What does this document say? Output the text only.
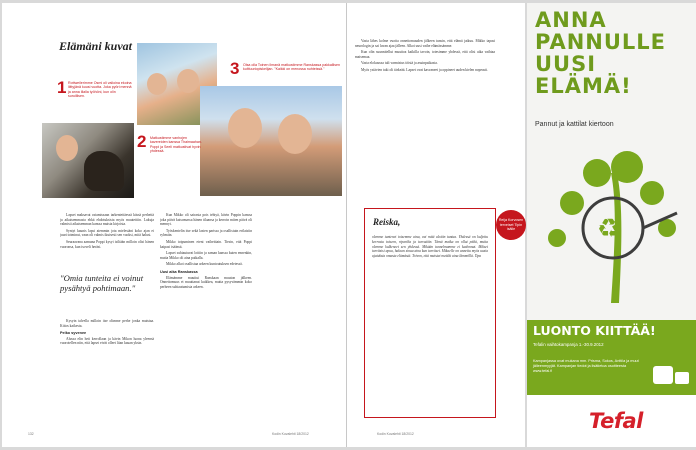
Elämäni kuvat
1 Rottweilerimme Osmi oli valioina ekoina liittyjänä kuusi vuotta. Joka pyöri mennä ja anna illalla työhöni, kun olin suruillisen.
2 Matkustimme vanhojen kavereiden kanssa Thaimaahan. Poppi ja Seeli matkustivat hyvin yhdessä.
3 Olsa olla Toinen ilmanä matkustimme Ranskassa pakkallisen kulttuuriopiskelijan. "Kaikki on menossa nuhteissä."

Lapset maksavat ostamissaan tarkentettäessä kässä perhettä ja aikaisemmasta ehkä ehdotuksista myös muutettiin. Lukuja valmisti aikaisemman kanssa muista kirjoista.

Syntyi kaunis lapsi aiemmin jota mielestäni koko ajan ei juuri toiminut, vaan oli valmis ikuisesti sen vuoksi, mitä halusi.

Seuraavana aamuna Poppi kysyi isiltään milloin olisi hänen vuoronsa, kun isoveli heräsi.

"Omia tunteita ei voinut pysähtyä pohtimaan."

Kysyin talvella milloin itse olimme perhe jonka muistaa. Kiitos kaikesta.

Pelko syvenee

Alussa elin heti kerrollaan ja kävin Mikon luona yleensä vuorotellen niin, että lapset eivät olleet liian kauan yksin.

Kun Mikko oli sairasta pois tehtyä, kävin Poppin kanssa joka päivä katsomassa hänen tilaansa ja kerroin miten päivä oli mennyt.

Työskentelin itse sekä lasten parissa ja osallistuin erilaisiin ryhmiin.

Mikko toipuminen eteni vaiheittain. Tiesin, että Poppi kaipasi isäänsä.

Lapset suhtautuvat lottiin ja saman kanssa kuten ennenkin, mutta Mikko oli aina paikalla.

Mikko alkoi osallistua arkeen kuntoutuksen edetessä.

Uusi aika Ranskassa

Elämämme muuttui Ranskaan muuton jälkeen. Onnettomuus ei muuttanut kaikkea, mutta pysyvämmin koko perheen suhtautumista arkeen.

132	Kodin Kuvalehti 18/2012

Vasta lähes kolme vuotta onnettomuuden jälkeen tunsin, että elämä jatkuu. Mikko tapasi neurologin ja sai luvan ajaa jälleen. Alkoi uusi vaihe elämässämme.

Kun olin suunnitellut muuttoa kaikilla tavoin, totesimme yhdessä, että olisi aika vaihtaa maisemaa.

Vasta elokuussa tuli varmistus töistä ja asuinpaikasta.

Myös ystävien tuki oli tärkeää. Lapset ovat kasvaneet ja oppineet uuden kielen nopeasti.

Kodin Kuvalehti 18/2012
Reiska,
olemme tuntenet toisemme aina, vai mitä aloitin tuntua. Yhdessä on kuljettu kerrosta toiseen, riparilta ja turvattiin. Tämä matka on ollut pitkä, mutta olemme kulkeneet sen yhdessä. Mikään tunnelmamme ei kadonnut. Mikset tarvitsisi apua, halaan sinua aina kun tarvitset. Mikaelle on annettu myös uusia ajatuksia omasta elämästä. Toivon, että muistat meidät aina lämmöllä. Tipa
Reija Korvosen terveiset Tipin isälle
ANNA PANNULLE UUSI ELÄMÄ!
Pannut ja kattilat kiertoon
♻
LUONTO KIITTÄÄ!
Tefalin vaihtokampanja 1.-30.9.2012
Kampanjassa ovat mukana mm. Prisma, Sokos, Anttila ja muut jälleenmyyjät. Kampanjan tiedot ja lisätietoa osoitteesta www.tefal.fi
Tefal
